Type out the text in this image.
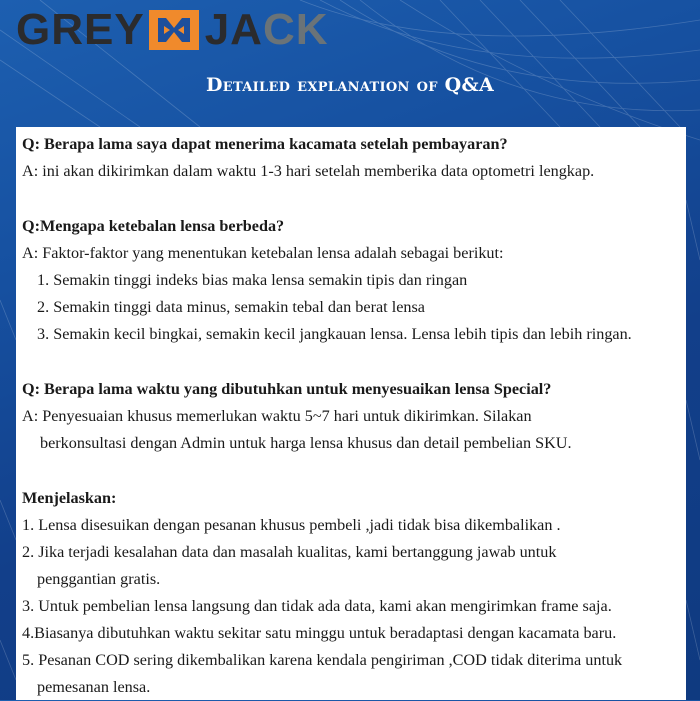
GREY JA CK
Detailed explanation of Q&A
Q: Berapa lama saya dapat menerima kacamata setelah pembayaran?
A: ini akan dikirimkan dalam waktu 1-3 hari setelah memberika data optometri lengkap.
Q:Mengapa ketebalan lensa berbeda?
A: Faktor-faktor yang menentukan ketebalan lensa adalah sebagai berikut:
1. Semakin tinggi indeks bias maka lensa semakin tipis dan ringan
2. Semakin tinggi data minus, semakin tebal dan berat lensa
3. Semakin kecil bingkai, semakin kecil jangkauan lensa. Lensa lebih tipis dan lebih ringan.
Q: Berapa lama waktu yang dibutuhkan untuk menyesuaikan lensa Special?
A: Penyesuaian khusus memerlukan waktu 5~7 hari untuk dikirimkan. Silakan
berkonsultasi dengan Admin untuk harga lensa khusus dan detail pembelian SKU.
Menjelaskan:
1. Lensa disesuikan dengan pesanan khusus pembeli ,jadi tidak bisa dikembalikan .
2. Jika terjadi kesalahan data dan masalah kualitas, kami bertanggung jawab untuk
penggantian gratis.
3. Untuk pembelian lensa langsung dan tidak ada data, kami akan mengirimkan frame saja.
4.Biasanya dibutuhkan waktu sekitar satu minggu untuk beradaptasi dengan kacamata baru.
5. Pesanan COD sering dikembalikan karena kendala pengiriman ,COD tidak diterima untuk
pemesanan lensa.
